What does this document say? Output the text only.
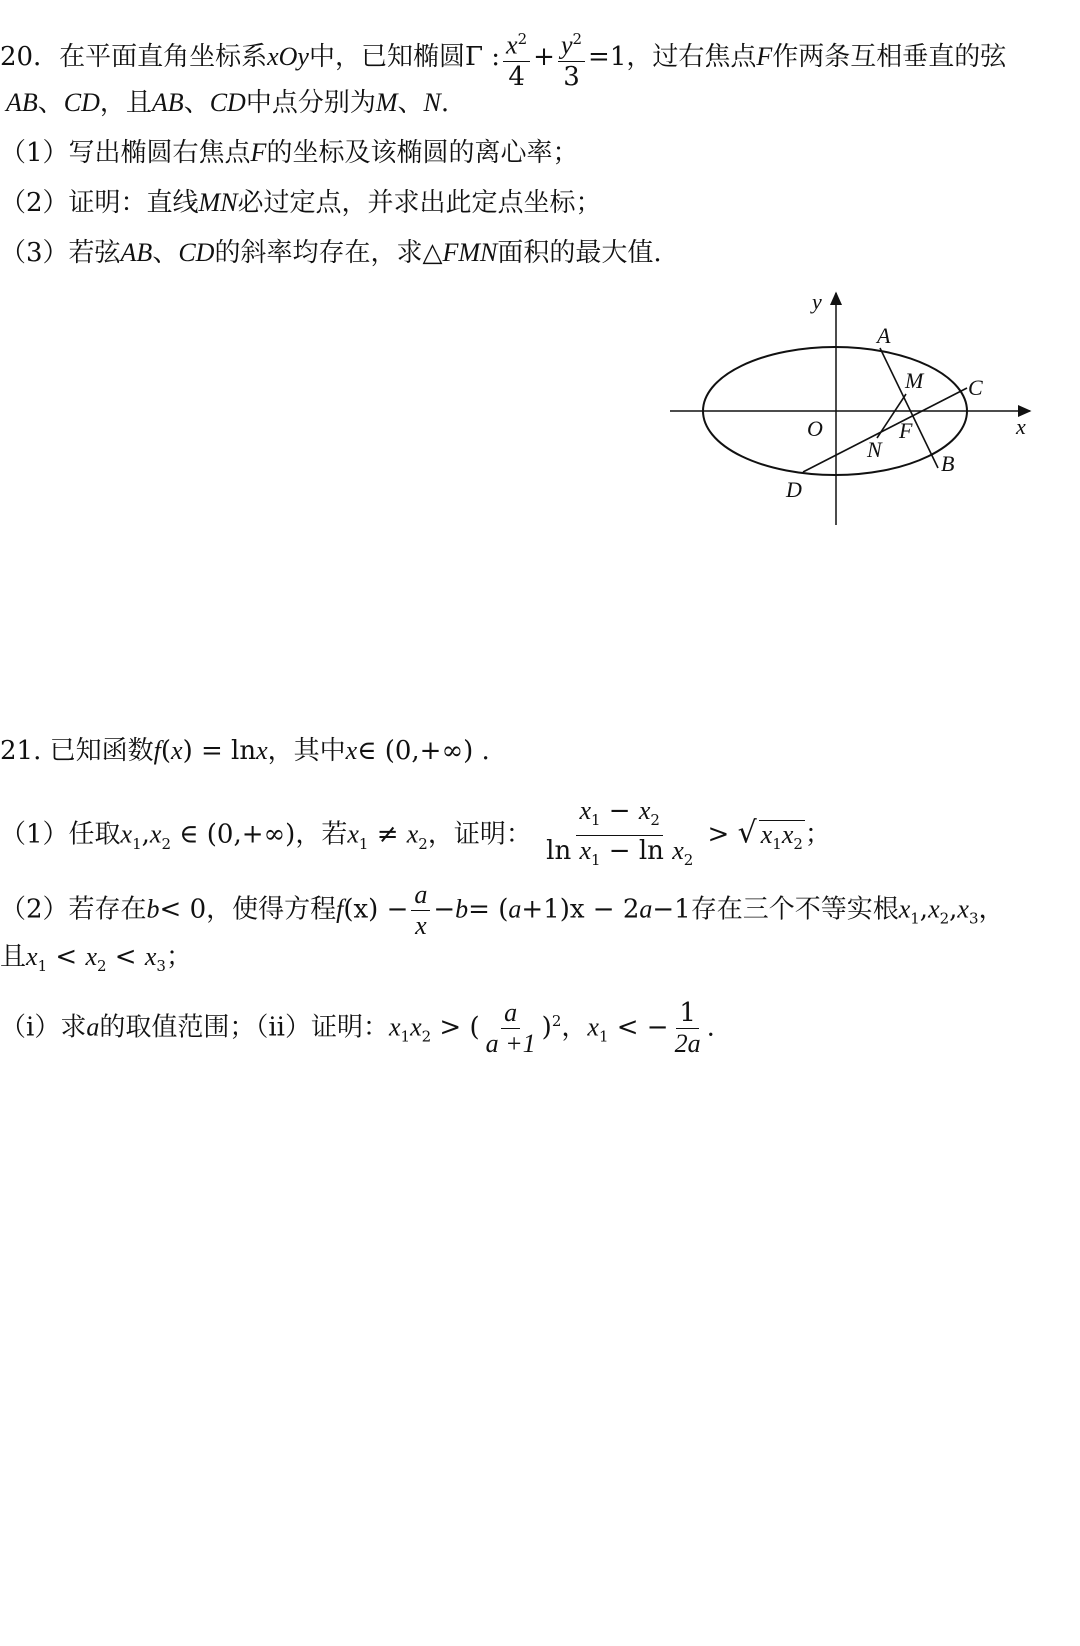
20．在平面直角坐标系xOy中，已知椭圆Γ : $\frac{x^2}{4} + \frac{y^2}{3} =1$，过右焦点F作两条互相垂直的弦
AB、CD，且AB、CD中点分别为M、N.
（1）写出椭圆右焦点F的坐标及该椭圆的离心率；
（2）证明：直线MN必过定点，并求出此定点坐标；
（3）若弦AB、CD的斜率均存在，求△FMN面积的最大值.
y
x
O
A
B
C
D
M
N
F
21. 已知函数f(x) = lnx，其中x∈ (0,+∞) .
（1）任取$x_1,x_2$ ∈ (0,+∞)，若$x_1 \ne x_2$，证明： $\frac{x_1 - x_2}{\ln x_1 - \ln x_2}$ > √ $x_1x_2$；
（2）若存在b< 0，使得方程$f(x) - \frac{a}{x} -b= (a+1)x - 2a-1$存在三个不等实根$x_1,x_2,x_3$，
且$x_1 < x_2 < x_3$；
（i）求a的取值范围；（ii）证明：$x_1x_2$ > ( $\frac{a}{a +1} )^2$，$x_1$ < − $\frac{1}{2a}$ .
